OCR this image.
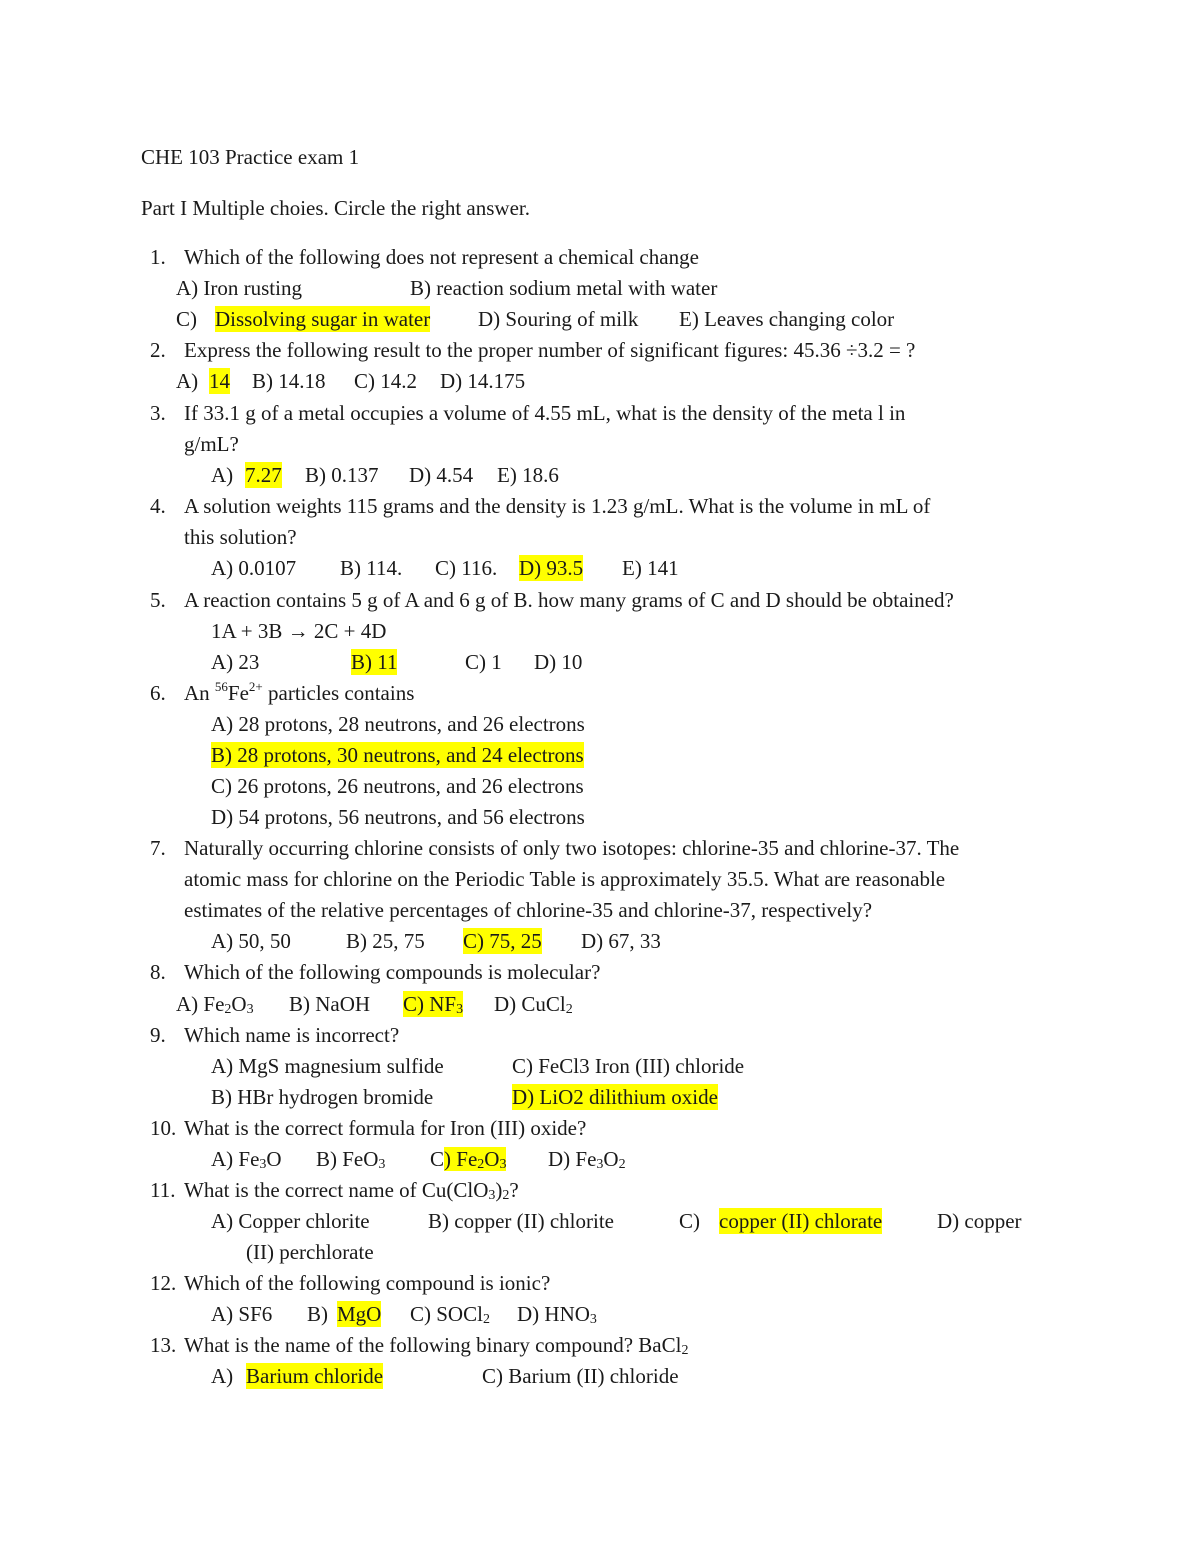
CHE 103 Practice exam 1
Part I Multiple choies. Circle the right answer.
1. Which of the following does not represent a chemical change
A) Iron rusting	B) reaction sodium metal with water
C) Dissolving sugar in water D) Souring of milk E) Leaves changing color
2. Express the following result to the proper number of significant figures: 45.36 ÷3.2 = ?
A) 14 B) 14.18 C) 14.2 D) 14.175
3. If 33.1 g of a metal occupies a volume of 4.55 mL, what is the density of the meta l in
g/mL?
A) 7.27 B) 0.137 D) 4.54 E) 18.6
4. A solution weights 115 grams and the density is 1.23 g/mL. What is the volume in mL of
this solution?
A) 0.0107 B) 114. C) 116. D) 93.5 E) 141
5. A reaction contains 5 g of A and 6 g of B. how many grams of C and D should be obtained?
1A + 3B → 2C + 4D
A) 23	B) 11	C) 1 D) 10
6. An $^{56}Fe^{2+}$ particles contains
A) 28 protons, 28 neutrons, and 26 electrons
B) 28 protons, 30 neutrons, and 24 electrons
C) 26 protons, 26 neutrons, and 26 electrons
D) 54 protons, 56 neutrons, and 56 electrons
7. Naturally occurring chlorine consists of only two isotopes: chlorine-35 and chlorine-37. The
atomic mass for chlorine on the Periodic Table is approximately 35.5. What are reasonable
estimates of the relative percentages of chlorine-35 and chlorine-37, respectively?
A) 50, 50	B) 25, 75 C) 75, 25 D) 67, 33
8. Which of the following compounds is molecular?
A) $Fe_2O_3$ B) NaOH C) $NF_3$ D) CuCl$_2$
9. Which name is incorrect?
A) MgS magnesium sulfide	C) FeCl3 Iron (III) chloride
B) HBr hydrogen bromide	D) LiO2 dilithium oxide
10. What is the correct formula for Iron (III) oxide?
A) $Fe_3O$ B) FeO$_3$ C) $Fe_2O_3$ D) $Fe_3O_2$
11. What is the correct name of $Cu(ClO_3)_2$?
A) Copper chlorite	B) copper (II) chlorite	C) copper (II) chlorate	D) copper
(II) perchlorate
12. Which of the following compound is ionic?
A) SF6 B) MgO C) SOCl$_2$ D) $HNO_3$
13. What is the name of the following binary compound? BaCl$_2$
A) Barium chloride	C) Barium (II) chloride
